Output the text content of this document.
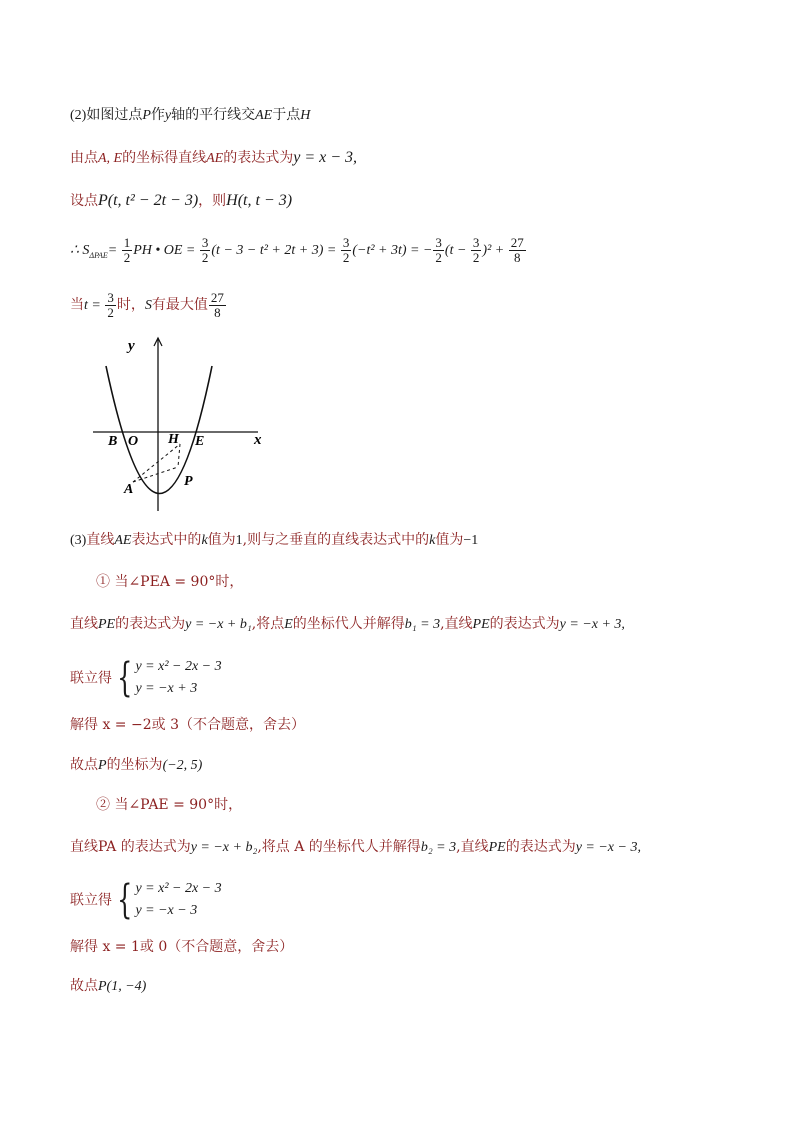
(2)如图过点P作y轴的平行线交AE于点H
由点A, E的坐标得直线AE的表达式为y = x − 3,
设点P(t, t² − 2t − 3)，则H(t, t − 3)
∴ $S_{\Delta PAE}= \frac{1}{2}$ PH • OE = $\frac{3}{2} (t - 3 - t^2 + 2t + 3) = \frac{3}{2} (-t^2 + 3t)$ = − $\frac{3}{2} (t - \frac{3}{2} )^2 + \frac{27}{8}$
当$t = \frac{3}{2}$ 时，S有最大值 $\frac{27}{8}$
y
x
B O H E
A
P
(3)直线AE表达式中的k值为1,则与之垂直的直线表达式中的k值为−1
① 当∠PEA = 90°时，
直线PE的表达式为y = −x + b₁,将点E的坐标代人并解得b₁ = 3,直线PE的表达式为y = −x + 3,
联立得 { y = x² − 2x − 3
y = −x + 3
解得 x = −2或 3（不合题意，舍去）
故点P的坐标为(−2, 5)
② 当∠PAE = 90°时，
直线PA 的表达式为y = −x + b₂,将点 A 的坐标代人并解得b₂ = 3,直线PE的表达式为y = −x − 3,
联立得 { y = x² − 2x − 3
y = −x − 3
解得 x = 1或 0（不合题意，舍去）
故点P(1, −4)
